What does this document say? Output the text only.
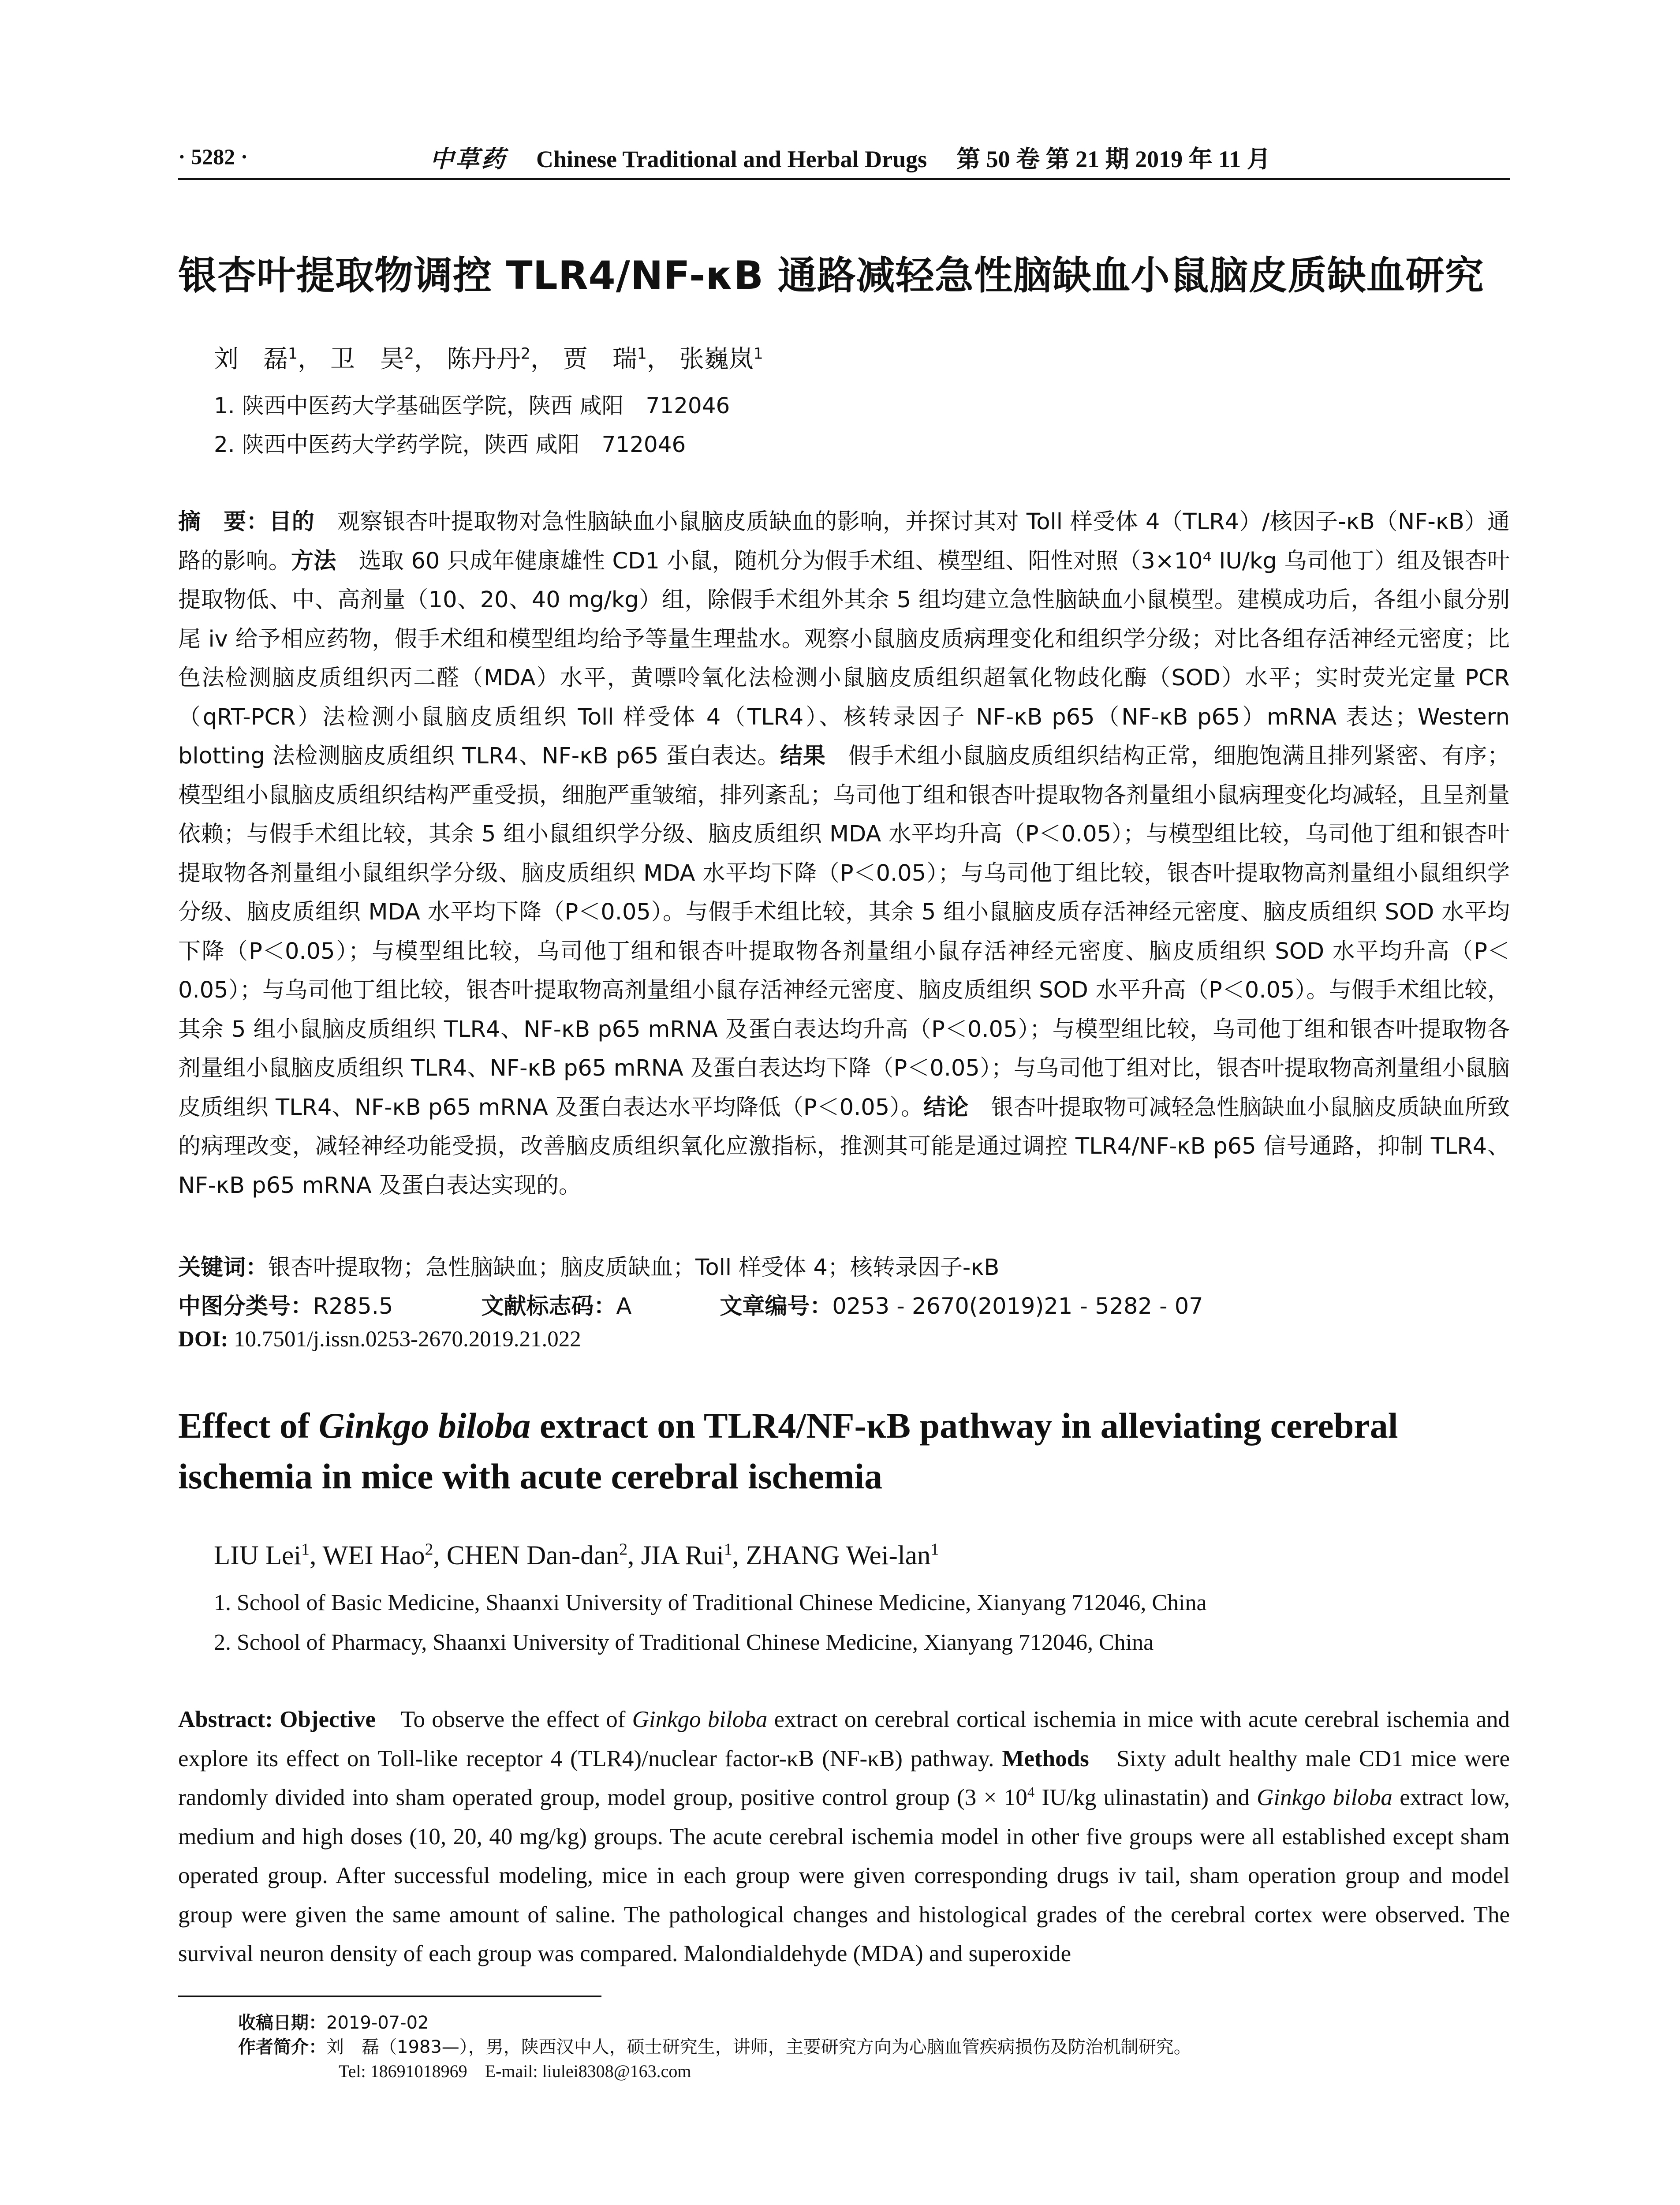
· 5282 ·	中草药 Chinese Traditional and Herbal Drugs 第 50 卷 第 21 期 2019 年 11 月
银杏叶提取物调控 TLR4/NF-κB 通路减轻急性脑缺血小鼠脑皮质缺血研究
刘　磊$^1$， 卫　昊$^2$， 陈丹丹$^2$， 贾　瑞$^1$， 张巍岚$^1$
1. 陕西中医药大学基础医学院，陕西 咸阳　712046
2. 陕西中医药大学药学院，陕西 咸阳　712046
摘　要：目的　观察银杏叶提取物对急性脑缺血小鼠脑皮质缺血的影响，并探讨其对 Toll 样受体 4（TLR4）/核因子-κB（NF-κB）通路的影响。方法　选取 60 只成年健康雄性 CD1 小鼠，随机分为假手术组、模型组、阳性对照（3×10⁴ IU/kg 乌司他丁）组及银杏叶提取物低、中、高剂量（10、20、40 mg/kg）组，除假手术组外其余 5 组均建立急性脑缺血小鼠模型。建模成功后，各组小鼠分别尾 iv 给予相应药物，假手术组和模型组均给予等量生理盐水。观察小鼠脑皮质病理变化和组织学分级；对比各组存活神经元密度；比色法检测脑皮质组织丙二醛（MDA）水平，黄嘌呤氧化法检测小鼠脑皮质组织超氧化物歧化酶（SOD）水平；实时荧光定量 PCR（qRT-PCR）法检测小鼠脑皮质组织 Toll 样受体 4（TLR4）、核转录因子 NF-κB p65（NF-κB p65）mRNA 表达；Western blotting 法检测脑皮质组织 TLR4、NF-κB p65 蛋白表达。结果　假手术组小鼠脑皮质组织结构正常，细胞饱满且排列紧密、有序；模型组小鼠脑皮质组织结构严重受损，细胞严重皱缩，排列紊乱；乌司他丁组和银杏叶提取物各剂量组小鼠病理变化均减轻，且呈剂量依赖；与假手术组比较，其余 5 组小鼠组织学分级、脑皮质组织 MDA 水平均升高（P＜0.05）；与模型组比较，乌司他丁组和银杏叶提取物各剂量组小鼠组织学分级、脑皮质组织 MDA 水平均下降（P＜0.05）；与乌司他丁组比较，银杏叶提取物高剂量组小鼠组织学分级、脑皮质组织 MDA 水平均下降（P＜0.05）。与假手术组比较，其余 5 组小鼠脑皮质存活神经元密度、脑皮质组织 SOD 水平均下降（P＜0.05）；与模型组比较，乌司他丁组和银杏叶提取物各剂量组小鼠存活神经元密度、脑皮质组织 SOD 水平均升高（P＜0.05）；与乌司他丁组比较，银杏叶提取物高剂量组小鼠存活神经元密度、脑皮质组织 SOD 水平升高（P＜0.05）。与假手术组比较，其余 5 组小鼠脑皮质组织 TLR4、NF-κB p65 mRNA 及蛋白表达均升高（P＜0.05）；与模型组比较，乌司他丁组和银杏叶提取物各剂量组小鼠脑皮质组织 TLR4、NF-κB p65 mRNA 及蛋白表达均下降（P＜0.05）；与乌司他丁组对比，银杏叶提取物高剂量组小鼠脑皮质组织 TLR4、NF-κB p65 mRNA 及蛋白表达水平均降低（P＜0.05）。结论　银杏叶提取物可减轻急性脑缺血小鼠脑皮质缺血所致的病理改变，减轻神经功能受损，改善脑皮质组织氧化应激指标，推测其可能是通过调控 TLR4/NF-κB p65 信号通路，抑制 TLR4、NF-κB p65 mRNA 及蛋白表达实现的。
关键词：银杏叶提取物；急性脑缺血；脑皮质缺血；Toll 样受体 4；核转录因子-κB
中图分类号：R285.5	文献标志码：A	文章编号：0253 - 2670(2019)21 - 5282 - 07
DOI: 10.7501/j.issn.0253-2670.2019.21.022
Effect of Ginkgo biloba extract on TLR4/NF-κB pathway in alleviating cerebral ischemia in mice with acute cerebral ischemia
LIU Lei$^1$, WEI Hao$^2$, CHEN Dan-dan$^2$, JIA Rui$^1$, ZHANG Wei-lan$^1$
1. School of Basic Medicine, Shaanxi University of Traditional Chinese Medicine, Xianyang 712046, China
2. School of Pharmacy, Shaanxi University of Traditional Chinese Medicine, Xianyang 712046, China
Abstract: Objective　To observe the effect of Ginkgo biloba extract on cerebral cortical ischemia in mice with acute cerebral ischemia and explore its effect on Toll-like receptor 4 (TLR4)/nuclear factor-κB (NF-κB) pathway. Methods　Sixty adult healthy male CD1 mice were randomly divided into sham operated group, model group, positive control group ($3 \times 10^4$ IU/kg ulinastatin) and Ginkgo biloba extract low, medium and high doses (10, 20, 40 mg/kg) groups. The acute cerebral ischemia model in other five groups were all established except sham operated group. After successful modeling, mice in each group were given corresponding drugs iv tail, sham operation group and model group were given the same amount of saline. The pathological changes and histological grades of the cerebral cortex were observed. The survival neuron density of each group was compared. Malondialdehyde (MDA) and superoxide
收稿日期：2019-07-02
作者简介：刘　磊（1983—），男，陕西汉中人，硕士研究生，讲师，主要研究方向为心脑血管疾病损伤及防治机制研究。
Tel: 18691018969　E-mail: liulei8308@163.com
